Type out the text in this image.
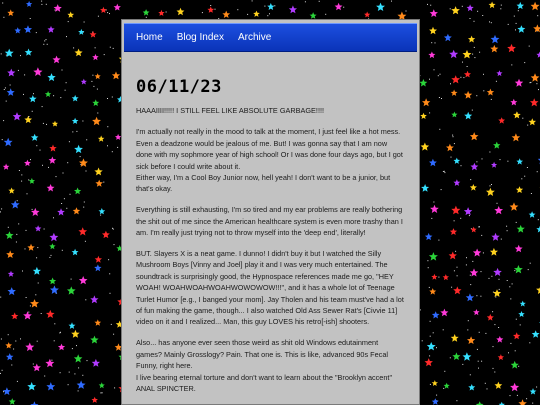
Home Blog Index Archive
06/11/23

HAAAIIII!!!!! I STILL FEEL LIKE ABSOLUTE GARBAGE!!!!

I'm actually not really in the mood to talk at the moment, I just feel like a hot mess. Even a deadzone would be jealous of me. But! I was gonna say that I am now done with my sophmore year of high school! Or I was done four days ago, but I got sick before I could write about it.
Either way, I'm a Cool Boy Junior now, hell yeah! I don't want to be a junior, but that's okay.

Everything is still exhausting, I'm so tired and my ear problems are really bothering the shit out of me since the American healthcare system is even more trashy than I am. I'm really just trying not to throw myself into the 'deep end', literally!

BUT. Slayers X is a neat game. I dunno! I didn't buy it but I watched the Silly Mushroom Boys [Vinny and Joel] play it and I was very much entertained. The soundtrack is surprisingly good, the Hypnospace references made me go, "HEY WOAH! WOAHWOAHWOAHWOWOWOW!!!", and it has a whole lot of Teenage Turlet Humor [e.g., I banged your mom]. Jay Tholen and his team must've had a lot of fun making the game, though... I also watched Old Ass Sewer Rat's [Civvie 11] video on it and I realized... Man, this guy LOVES his retro[-ish] shooters.

Also... has anyone ever seen those weird as shit old Windows edutainment games? Mainly Grosslogy? Pain. That one is. This is like, advanced 90s Fecal Funny, right here.
I live bearing eternal torture and don't want to learn about the "Brooklyn accent" ANAL SPINCTER.
